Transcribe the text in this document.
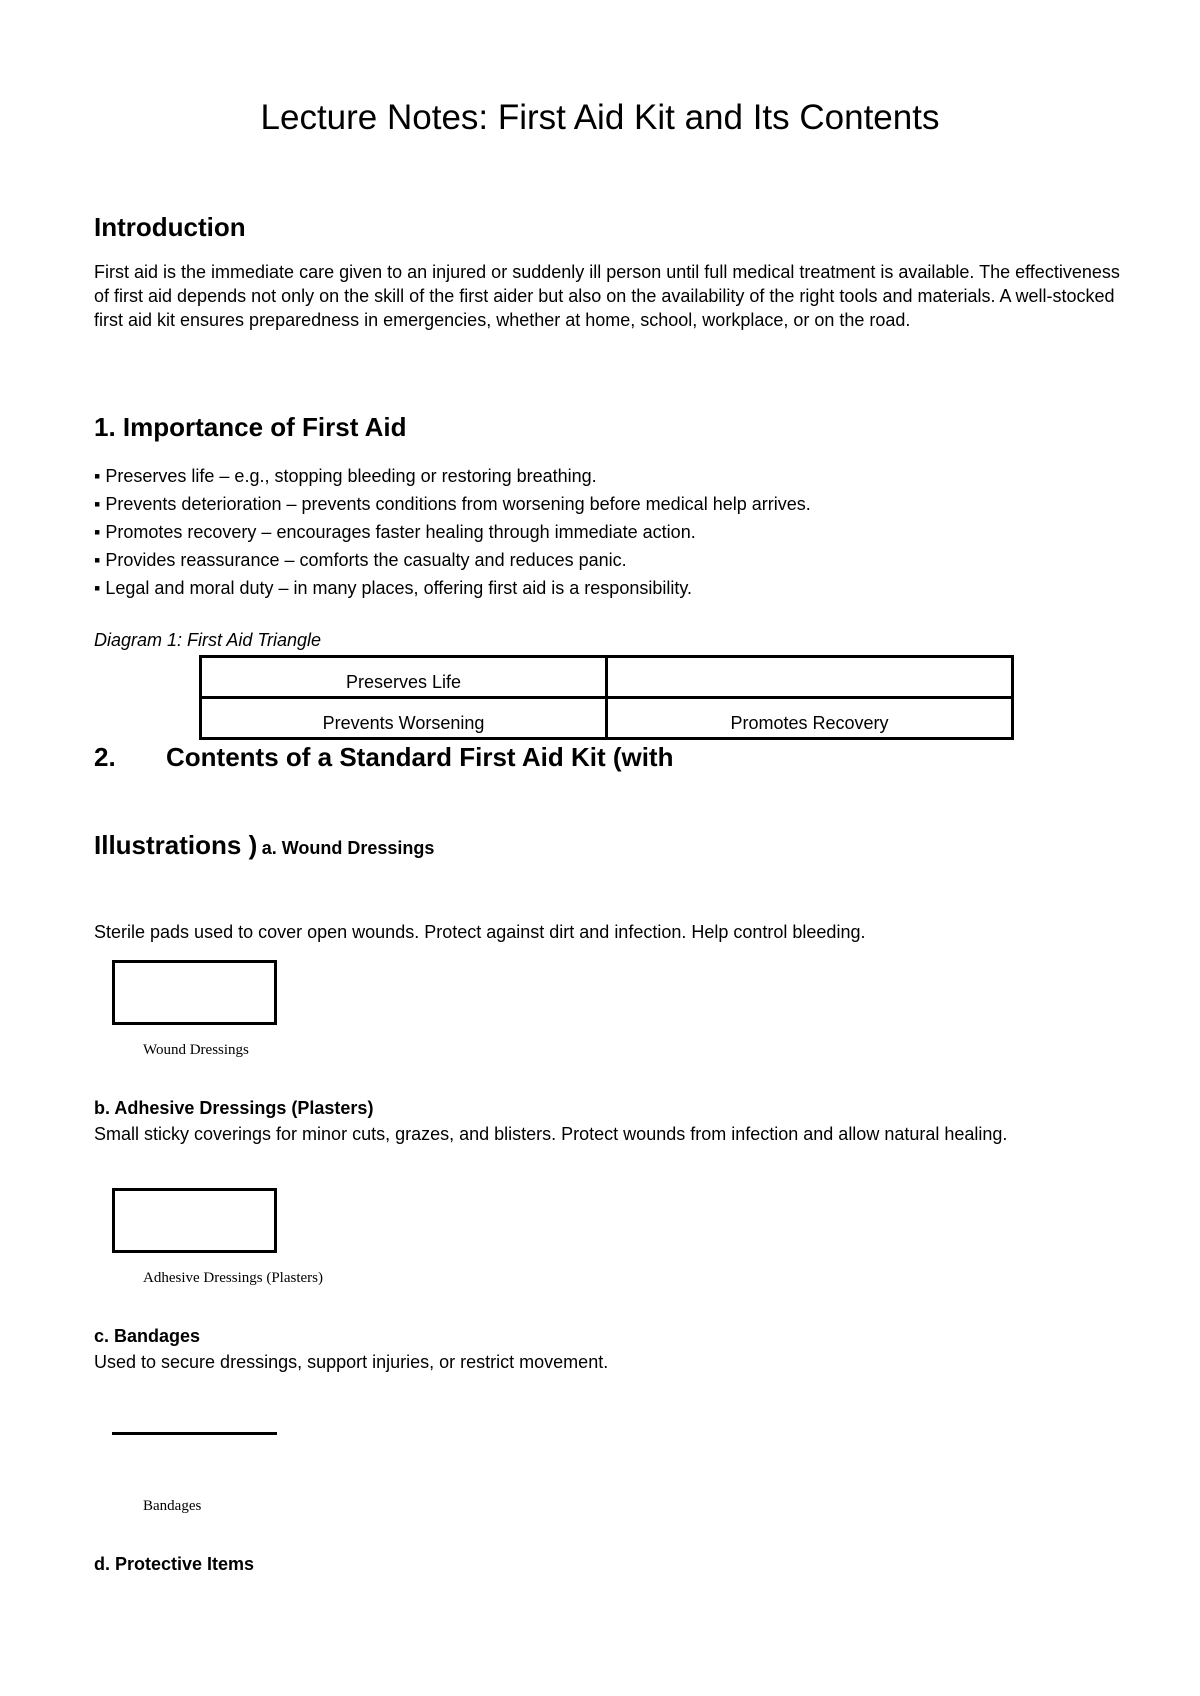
Lecture Notes: First Aid Kit and Its Contents
Introduction
First aid is the immediate care given to an injured or suddenly ill person until full medical treatment is available. The effectiveness of first aid depends not only on the skill of the first aider but also on the availability of the right tools and materials. A well-stocked first aid kit ensures preparedness in emergencies, whether at home, school, workplace, or on the road.
1. Importance of First Aid
▪ Preserves life – e.g., stopping bleeding or restoring breathing.
▪ Prevents deterioration – prevents conditions from worsening before medical help arrives.
▪ Promotes recovery – encourages faster healing through immediate action.
▪ Provides reassurance – comforts the casualty and reduces panic.
▪ Legal and moral duty – in many places, offering first aid is a responsibility.
Diagram 1: First Aid Triangle
Preserves Life	
Prevents Worsening	Promotes Recovery
2. Contents of a Standard First Aid Kit (with
Illustrations ) a. Wound Dressings
Sterile pads used to cover open wounds. Protect against dirt and infection. Help control bleeding.
Wound Dressings
b. Adhesive Dressings (Plasters)
Small sticky coverings for minor cuts, grazes, and blisters. Protect wounds from infection and allow natural healing.
Adhesive Dressings (Plasters)
c. Bandages
Used to secure dressings, support injuries, or restrict movement.
Bandages
d. Protective Items
